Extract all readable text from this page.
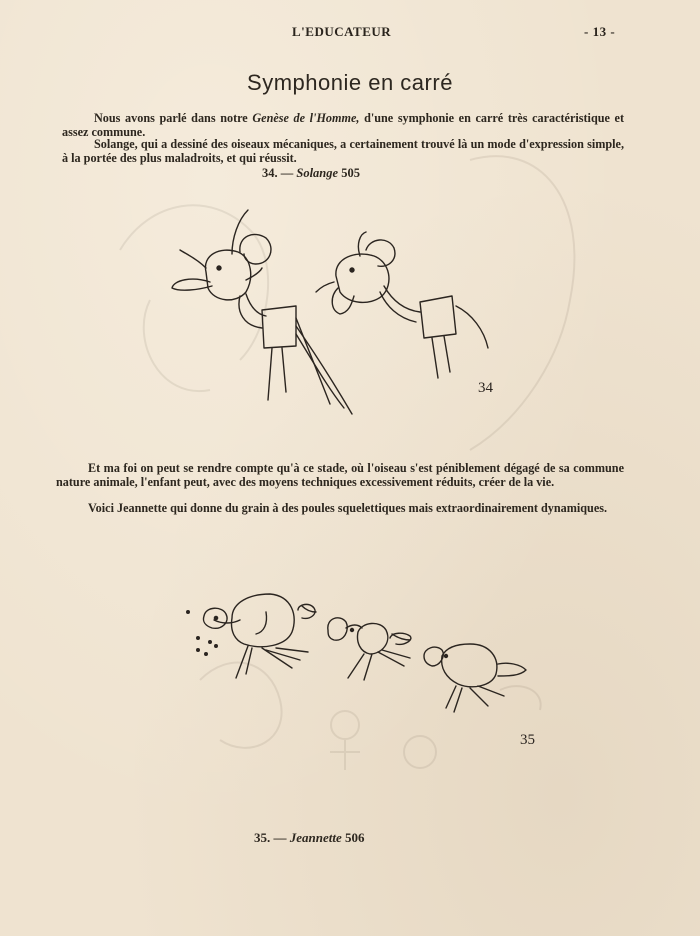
L'EDUCATEUR	- 13 -
Symphonie en carré
Nous avons parlé dans notre Genèse de l'Homme, d'une symphonie en carré très caractéristique et assez commune.
Solange, qui a dessiné des oiseaux mécaniques, a certainement trouvé là un mode d'expression simple, à la portée des plus maladroits, et qui réussit.
34. — Solange 505
34
Et ma foi on peut se rendre compte qu'à ce stade, où l'oiseau s'est péniblement dégagé de sa commune nature animale, l'enfant peut, avec des moyens techniques excessivement réduits, créer de la vie.
Voici Jeannette qui donne du grain à des poules squelettiques mais extraordinairement dynamiques.
35
35. — Jeannette 506
